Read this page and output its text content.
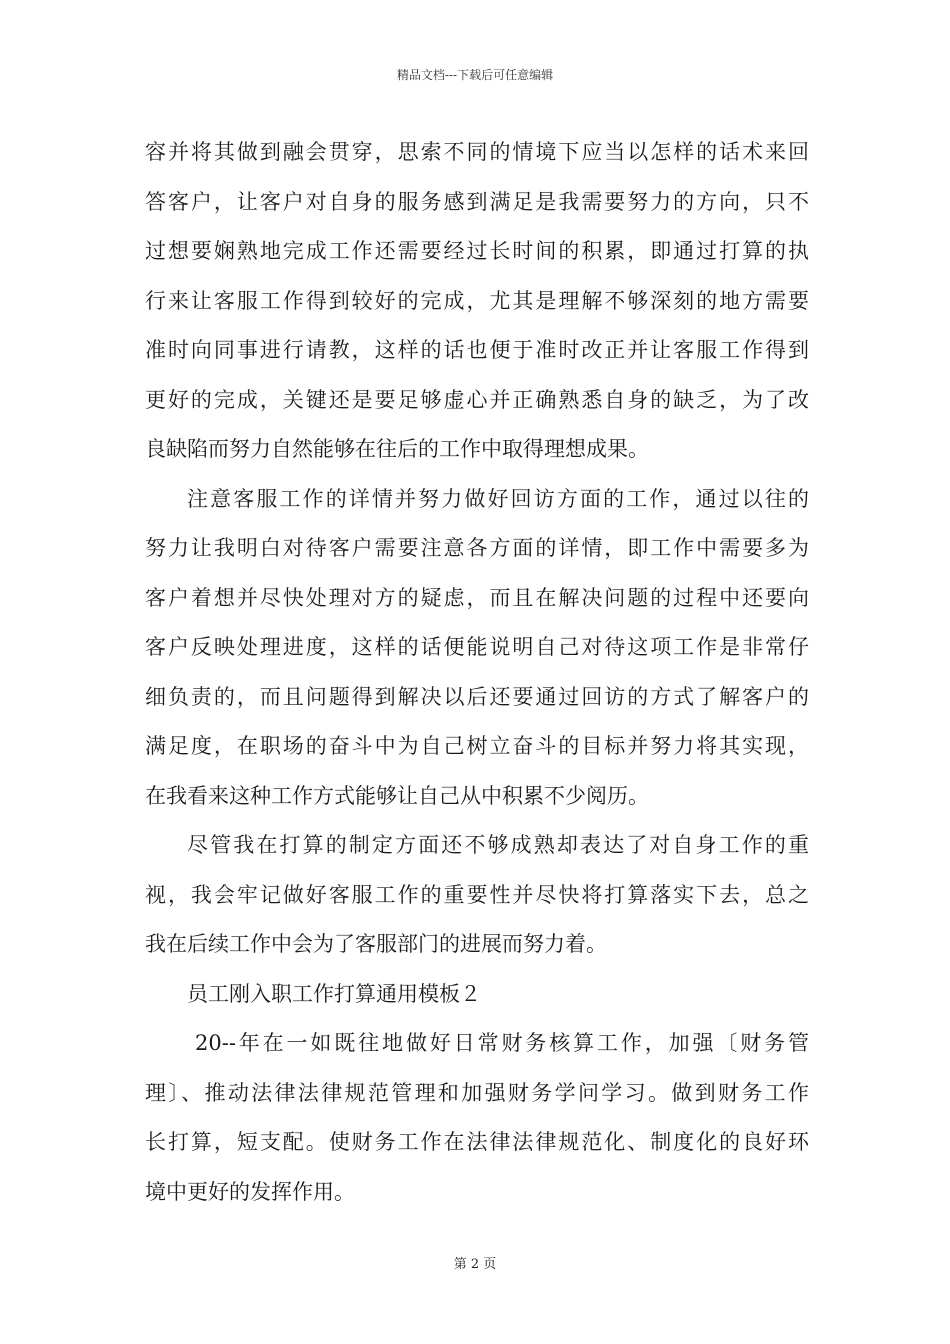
精品文档---下载后可任意编辑
容并将其做到融会贯穿，思索不同的情境下应当以怎样的话术来回
答客户，让客户对自身的服务感到满足是我需要努力的方向，只不
过想要娴熟地完成工作还需要经过长时间的积累，即通过打算的执
行来让客服工作得到较好的完成，尤其是理解不够深刻的地方需要
准时向同事进行请教，这样的话也便于准时改正并让客服工作得到
更好的完成，关键还是要足够虚心并正确熟悉自身的缺乏，为了改
良缺陷而努力自然能够在往后的工作中取得理想成果。
注意客服工作的详情并努力做好回访方面的工作，通过以往的
努力让我明白对待客户需要注意各方面的详情，即工作中需要多为
客户着想并尽快处理对方的疑虑，而且在解决问题的过程中还要向
客户反映处理进度，这样的话便能说明自己对待这项工作是非常仔
细负责的，而且问题得到解决以后还要通过回访的方式了解客户的
满足度，在职场的奋斗中为自己树立奋斗的目标并努力将其实现，
在我看来这种工作方式能够让自己从中积累不少阅历。
尽管我在打算的制定方面还不够成熟却表达了对自身工作的重
视，我会牢记做好客服工作的重要性并尽快将打算落实下去，总之
我在后续工作中会为了客服部门的进展而努力着。
员工刚入职工作打算通用模板２
20--年在一如既往地做好日常财务核算工作，加强〔财务管
理〕、推动法律法律规范管理和加强财务学问学习。做到财务工作
长打算，短支配。使财务工作在法律法律规范化、制度化的良好环
境中更好的发挥作用。
第 2 页
